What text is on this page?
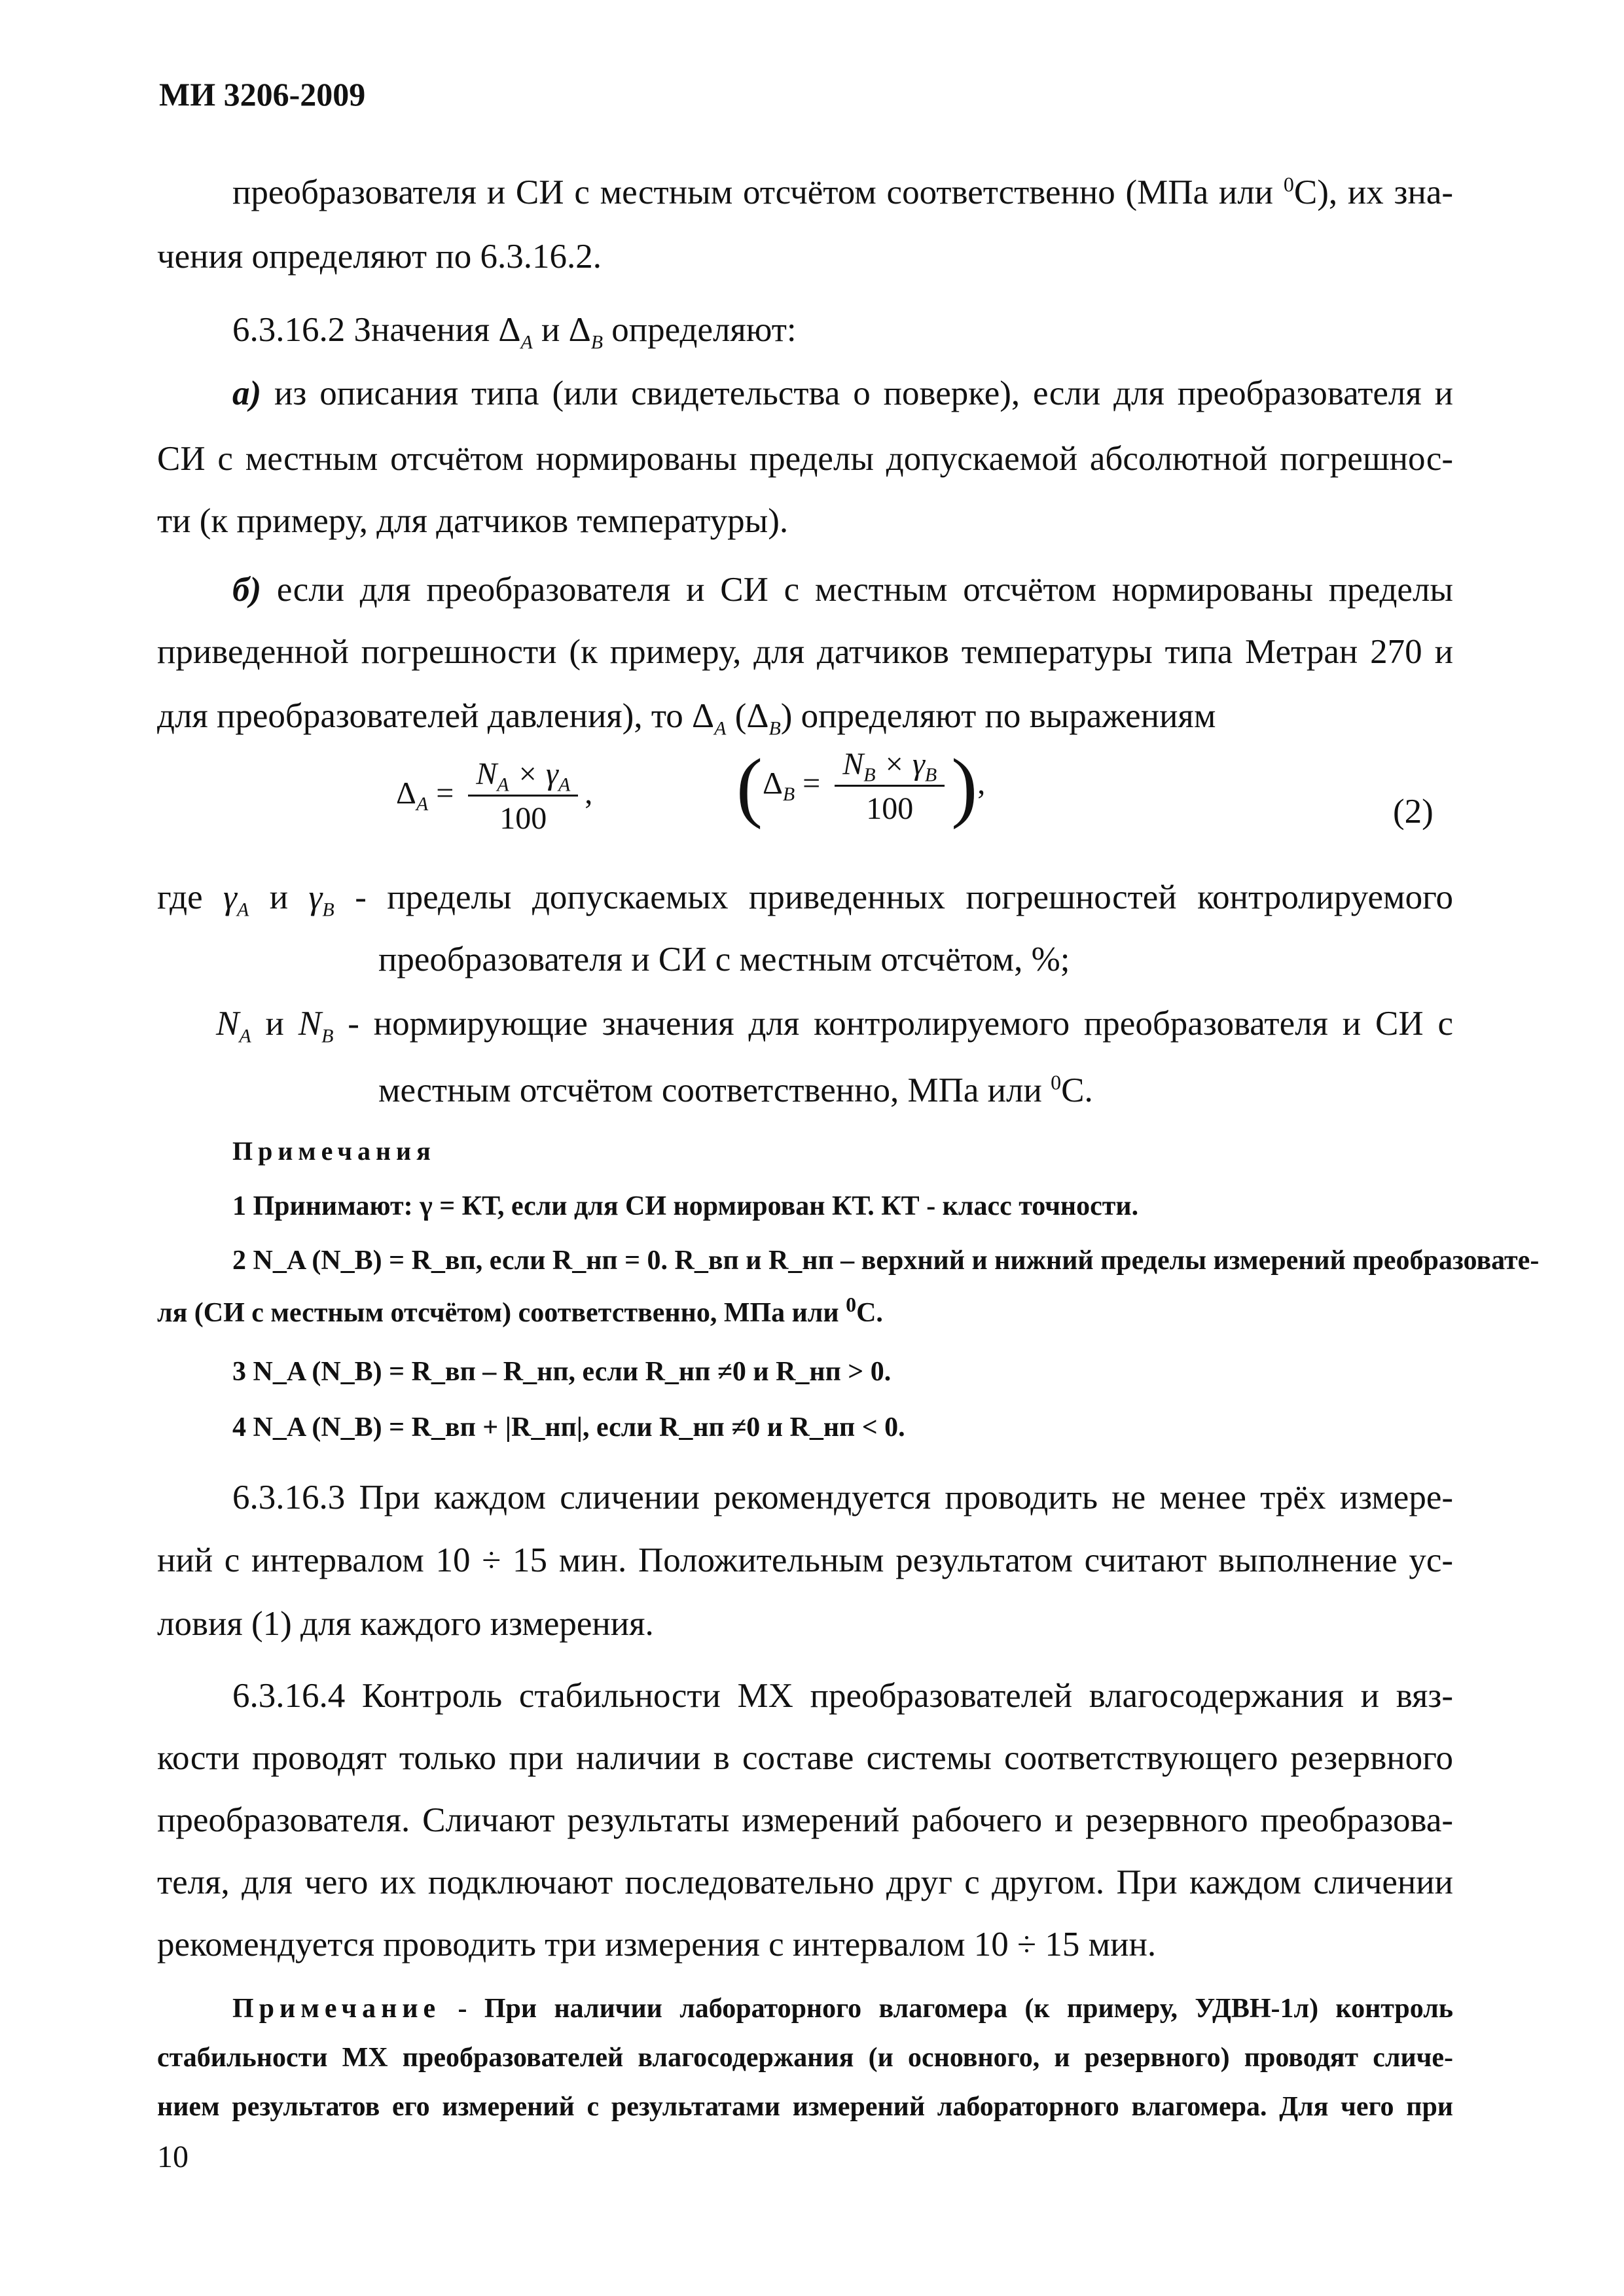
МИ 3206-2009
преобразователя и СИ с местным отсчётом соответственно (МПа или $^0$С), их зна-
чения определяют по 6.3.16.2.
6.3.16.2 Значения $\Delta_A$ и $\Delta_B$ определяют:
а) из описания типа (или свидетельства о поверке), если для преобразователя и
СИ с местным отсчётом нормированы пределы допускаемой абсолютной погрешнос-
ти (к примеру, для датчиков температуры).
б) если для преобразователя и СИ с местным отсчётом нормированы пределы
приведенной погрешности (к примеру, для датчиков температуры типа Метран 270 и
для преобразователей давления), то $\Delta_A$ $(\Delta_B)$ определяют по выражениям
$\Delta_A = \frac{N_A \times \gamma_A}{100}$ , ($\Delta_B = \frac{N_B \times \gamma_B}{100}$ ),
(2)
где $\gamma_A$ и $\gamma_B$ - пределы допускаемых приведенных погрешностей контролируемого
преобразователя и СИ с местным отсчётом, %;
$N_A$ и $N_B$ - нормирующие значения для контролируемого преобразователя и СИ с
местным отсчётом соответственно, МПа или $^0$С.
Примечания
1 Принимают: γ = КТ, если для СИ нормирован КТ. КТ - класс точности.
2 N_A (N_B) = R_вп, если R_нп = 0. R_вп и R_нп – верхний и нижний пределы измерений преобразовате-
ля (СИ с местным отсчётом) соответственно, МПа или $^0$С.
3 N_A (N_B) = R_вп – R_нп, если R_нп ≠0 и R_нп > 0.
4 N_A (N_B) = R_вп + |R_нп|, если R_нп ≠0 и R_нп < 0.
6.3.16.3 При каждом сличении рекомендуется проводить не менее трёх измере-
ний с интервалом 10 ÷ 15 мин. Положительным результатом считают выполнение ус-
ловия (1) для каждого измерения.
6.3.16.4 Контроль стабильности МХ преобразователей влагосодержания и вяз-
кости проводят только при наличии в составе системы соответствующего резервного
преобразователя. Сличают результаты измерений рабочего и резервного преобразова-
теля, для чего их подключают последовательно друг с другом. При каждом сличении
рекомендуется проводить три измерения с интервалом 10 ÷ 15 мин.
Примечание - При наличии лабораторного влагомера (к примеру, УДВН-1л) контроль
стабильности МХ преобразователей влагосодержания (и основного, и резервного) проводят сличе-
нием результатов его измерений с результатами измерений лабораторного влагомера. Для чего при
10
